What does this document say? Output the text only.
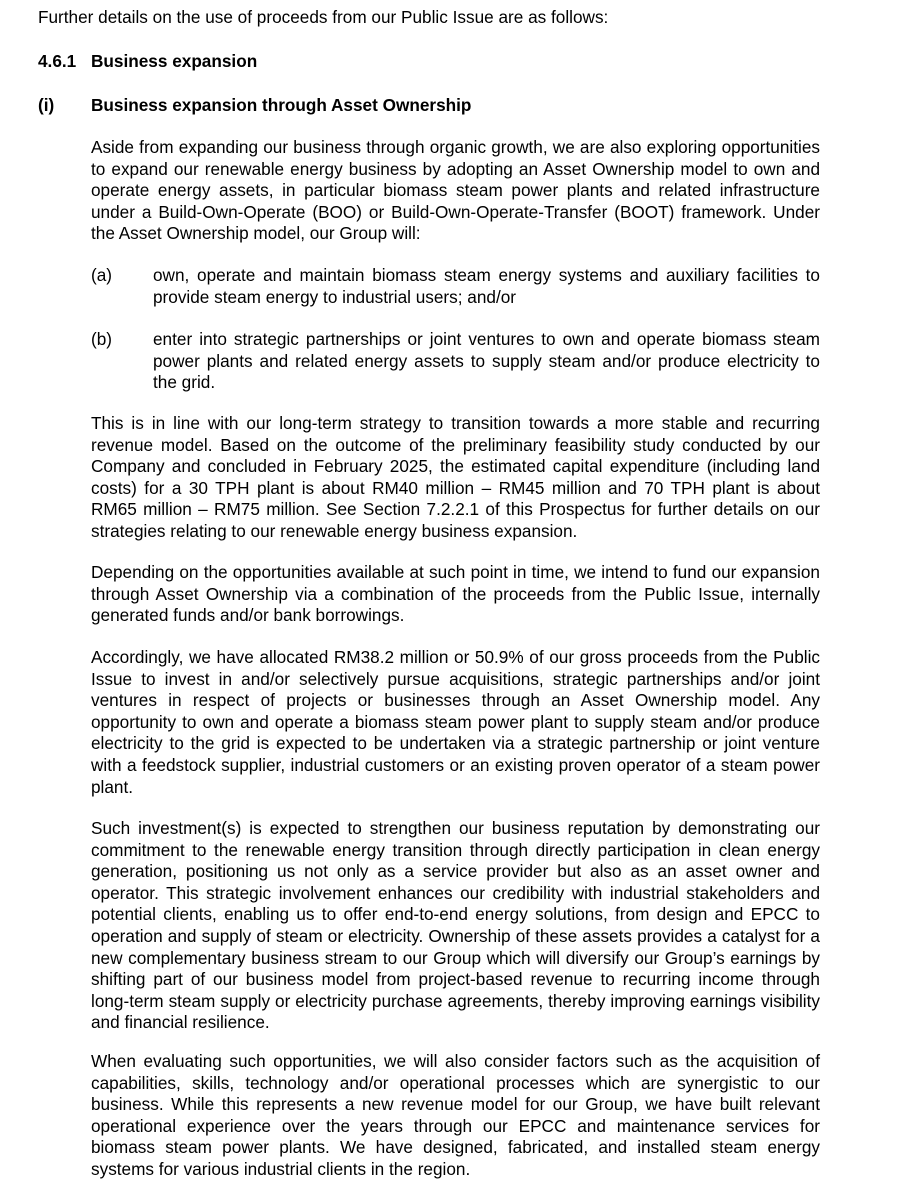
Further details on the use of proceeds from our Public Issue are as follows:
4.6.1 Business expansion
(i) Business expansion through Asset Ownership

Aside from expanding our business through organic growth, we are also exploring opportunities to expand our renewable energy business by adopting an Asset Ownership model to own and operate energy assets, in particular biomass steam power plants and related infrastructure under a Build-Own-Operate (BOO) or Build-Own-Operate-Transfer (BOOT) framework. Under the Asset Ownership model, our Group will:

(a) own, operate and maintain biomass steam energy systems and auxiliary facilities to provide steam energy to industrial users; and/or

(b) enter into strategic partnerships or joint ventures to own and operate biomass steam power plants and related energy assets to supply steam and/or produce electricity to the grid.

This is in line with our long-term strategy to transition towards a more stable and recurring revenue model. Based on the outcome of the preliminary feasibility study conducted by our Company and concluded in February 2025, the estimated capital expenditure (including land costs) for a 30 TPH plant is about RM40 million – RM45 million and 70 TPH plant is about RM65 million – RM75 million. See Section 7.2.2.1 of this Prospectus for further details on our strategies relating to our renewable energy business expansion.

Depending on the opportunities available at such point in time, we intend to fund our expansion through Asset Ownership via a combination of the proceeds from the Public Issue, internally generated funds and/or bank borrowings.

Accordingly, we have allocated RM38.2 million or 50.9% of our gross proceeds from the Public Issue to invest in and/or selectively pursue acquisitions, strategic partnerships and/or joint ventures in respect of projects or businesses through an Asset Ownership model. Any opportunity to own and operate a biomass steam power plant to supply steam and/or produce electricity to the grid is expected to be undertaken via a strategic partnership or joint venture with a feedstock supplier, industrial customers or an existing proven operator of a steam power plant.

Such investment(s) is expected to strengthen our business reputation by demonstrating our commitment to the renewable energy transition through directly participation in clean energy generation, positioning us not only as a service provider but also as an asset owner and operator. This strategic involvement enhances our credibility with industrial stakeholders and potential clients, enabling us to offer end-to-end energy solutions, from design and EPCC to operation and supply of steam or electricity. Ownership of these assets provides a catalyst for a new complementary business stream to our Group which will diversify our Group’s earnings by shifting part of our business model from project-based revenue to recurring income through long-term steam supply or electricity purchase agreements, thereby improving earnings visibility and financial resilience.

When evaluating such opportunities, we will also consider factors such as the acquisition of capabilities, skills, technology and/or operational processes which are synergistic to our business. While this represents a new revenue model for our Group, we have built relevant operational experience over the years through our EPCC and maintenance services for biomass steam power plants. We have designed, fabricated, and installed steam energy systems for various industrial clients in the region.
